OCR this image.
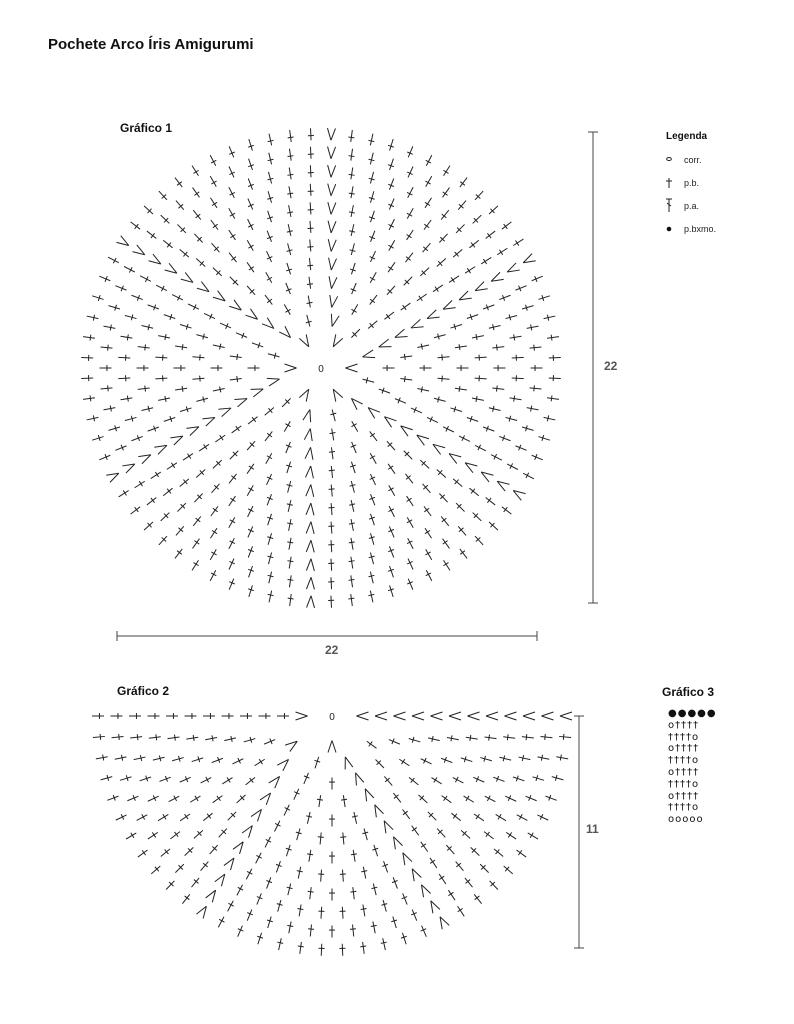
Pochete Arco Íris Amigurumi
Gráfico 1
Legenda
corr.
p.b.
p.a.
p.bxmo.
0	22
22
Gráfico 2
0
11
Gráfico 3
●●●●●
o††††
††††o
o††††
††††o
o††††
††††o
o††††
††††o
ooooo
